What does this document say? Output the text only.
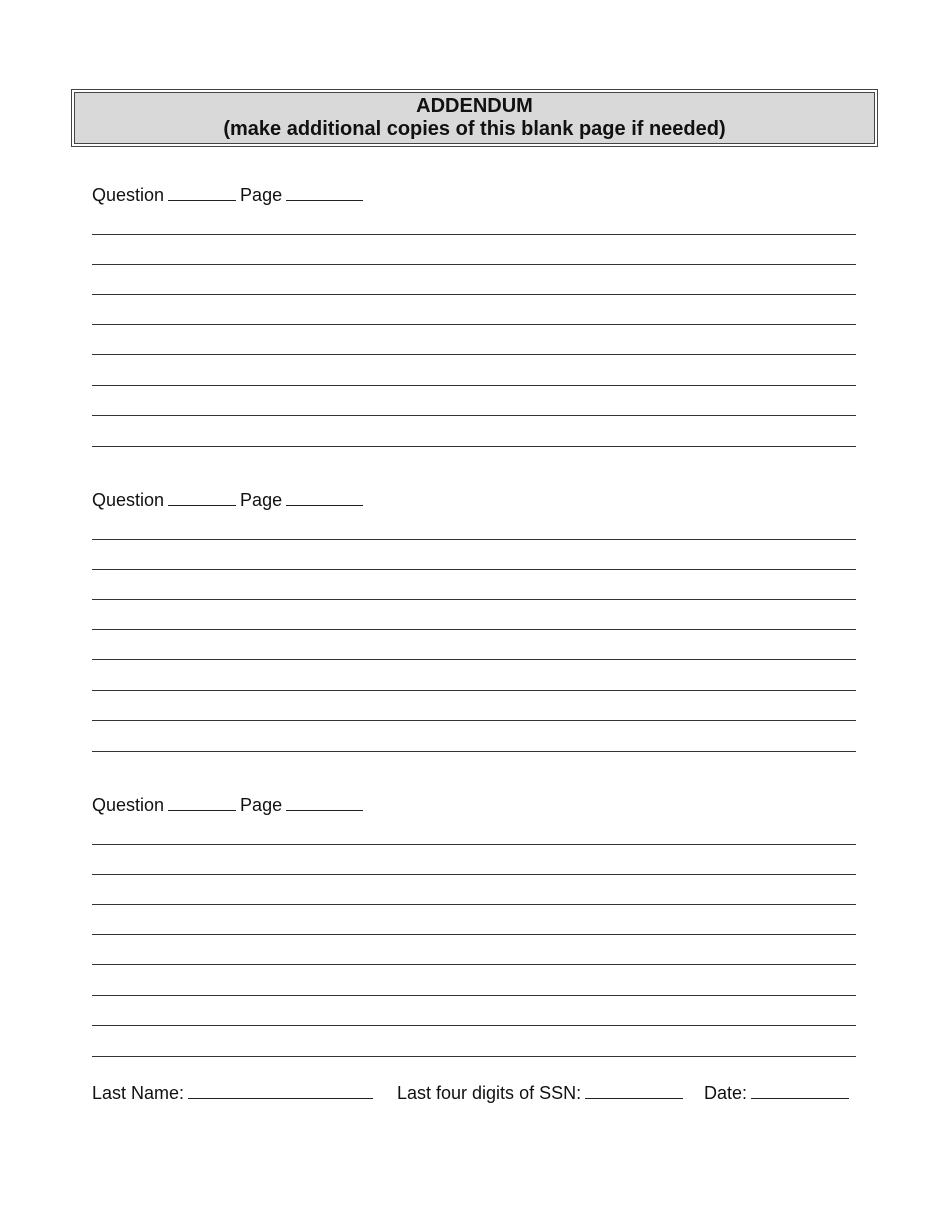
ADDENDUM
(make additional copies of this blank page if needed)
Question	Page
Question	Page
Question	Page
Last Name:	Last four digits of SSN:	Date:
